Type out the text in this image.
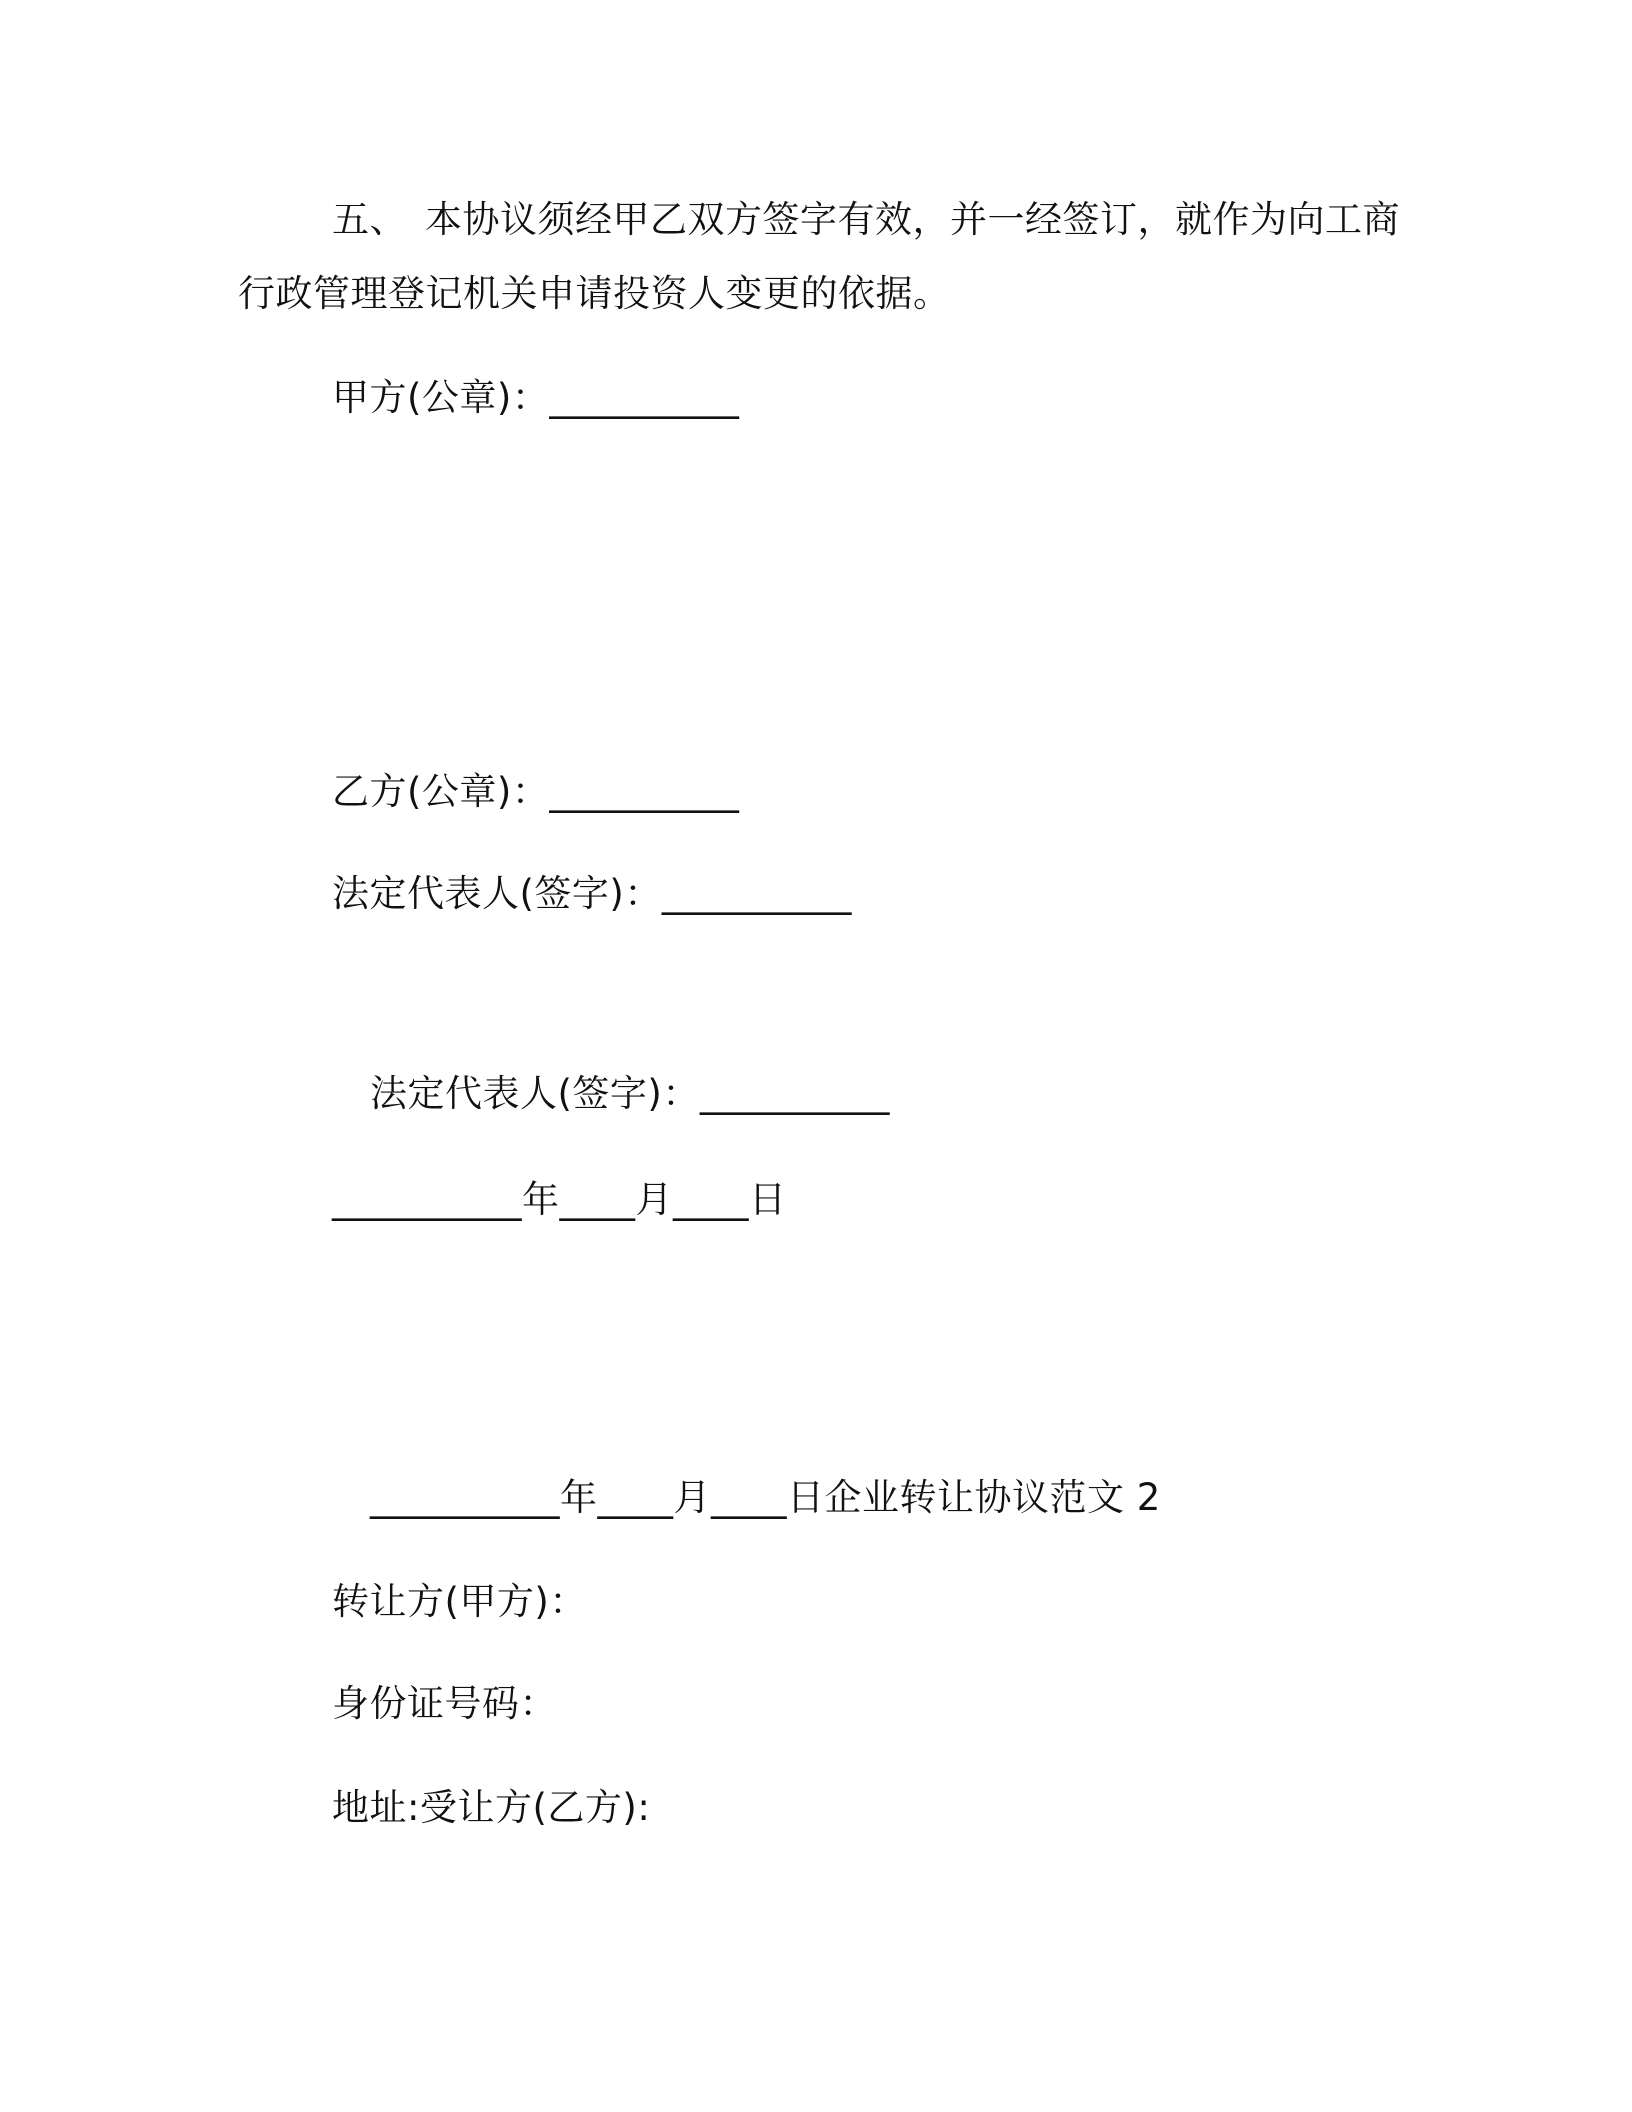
五、 本协议须经甲乙双方签字有效，并一经签订，就作为向工商
行政管理登记机关申请投资人变更的依据。
甲方(公章)：__________
乙方(公章)：__________
法定代表人(签字)：__________
法定代表人(签字)：__________
__________年____月____日
__________年____月____日企业转让协议范文 2
转让方(甲方)：
身份证号码：
地址:受让方(乙方):
